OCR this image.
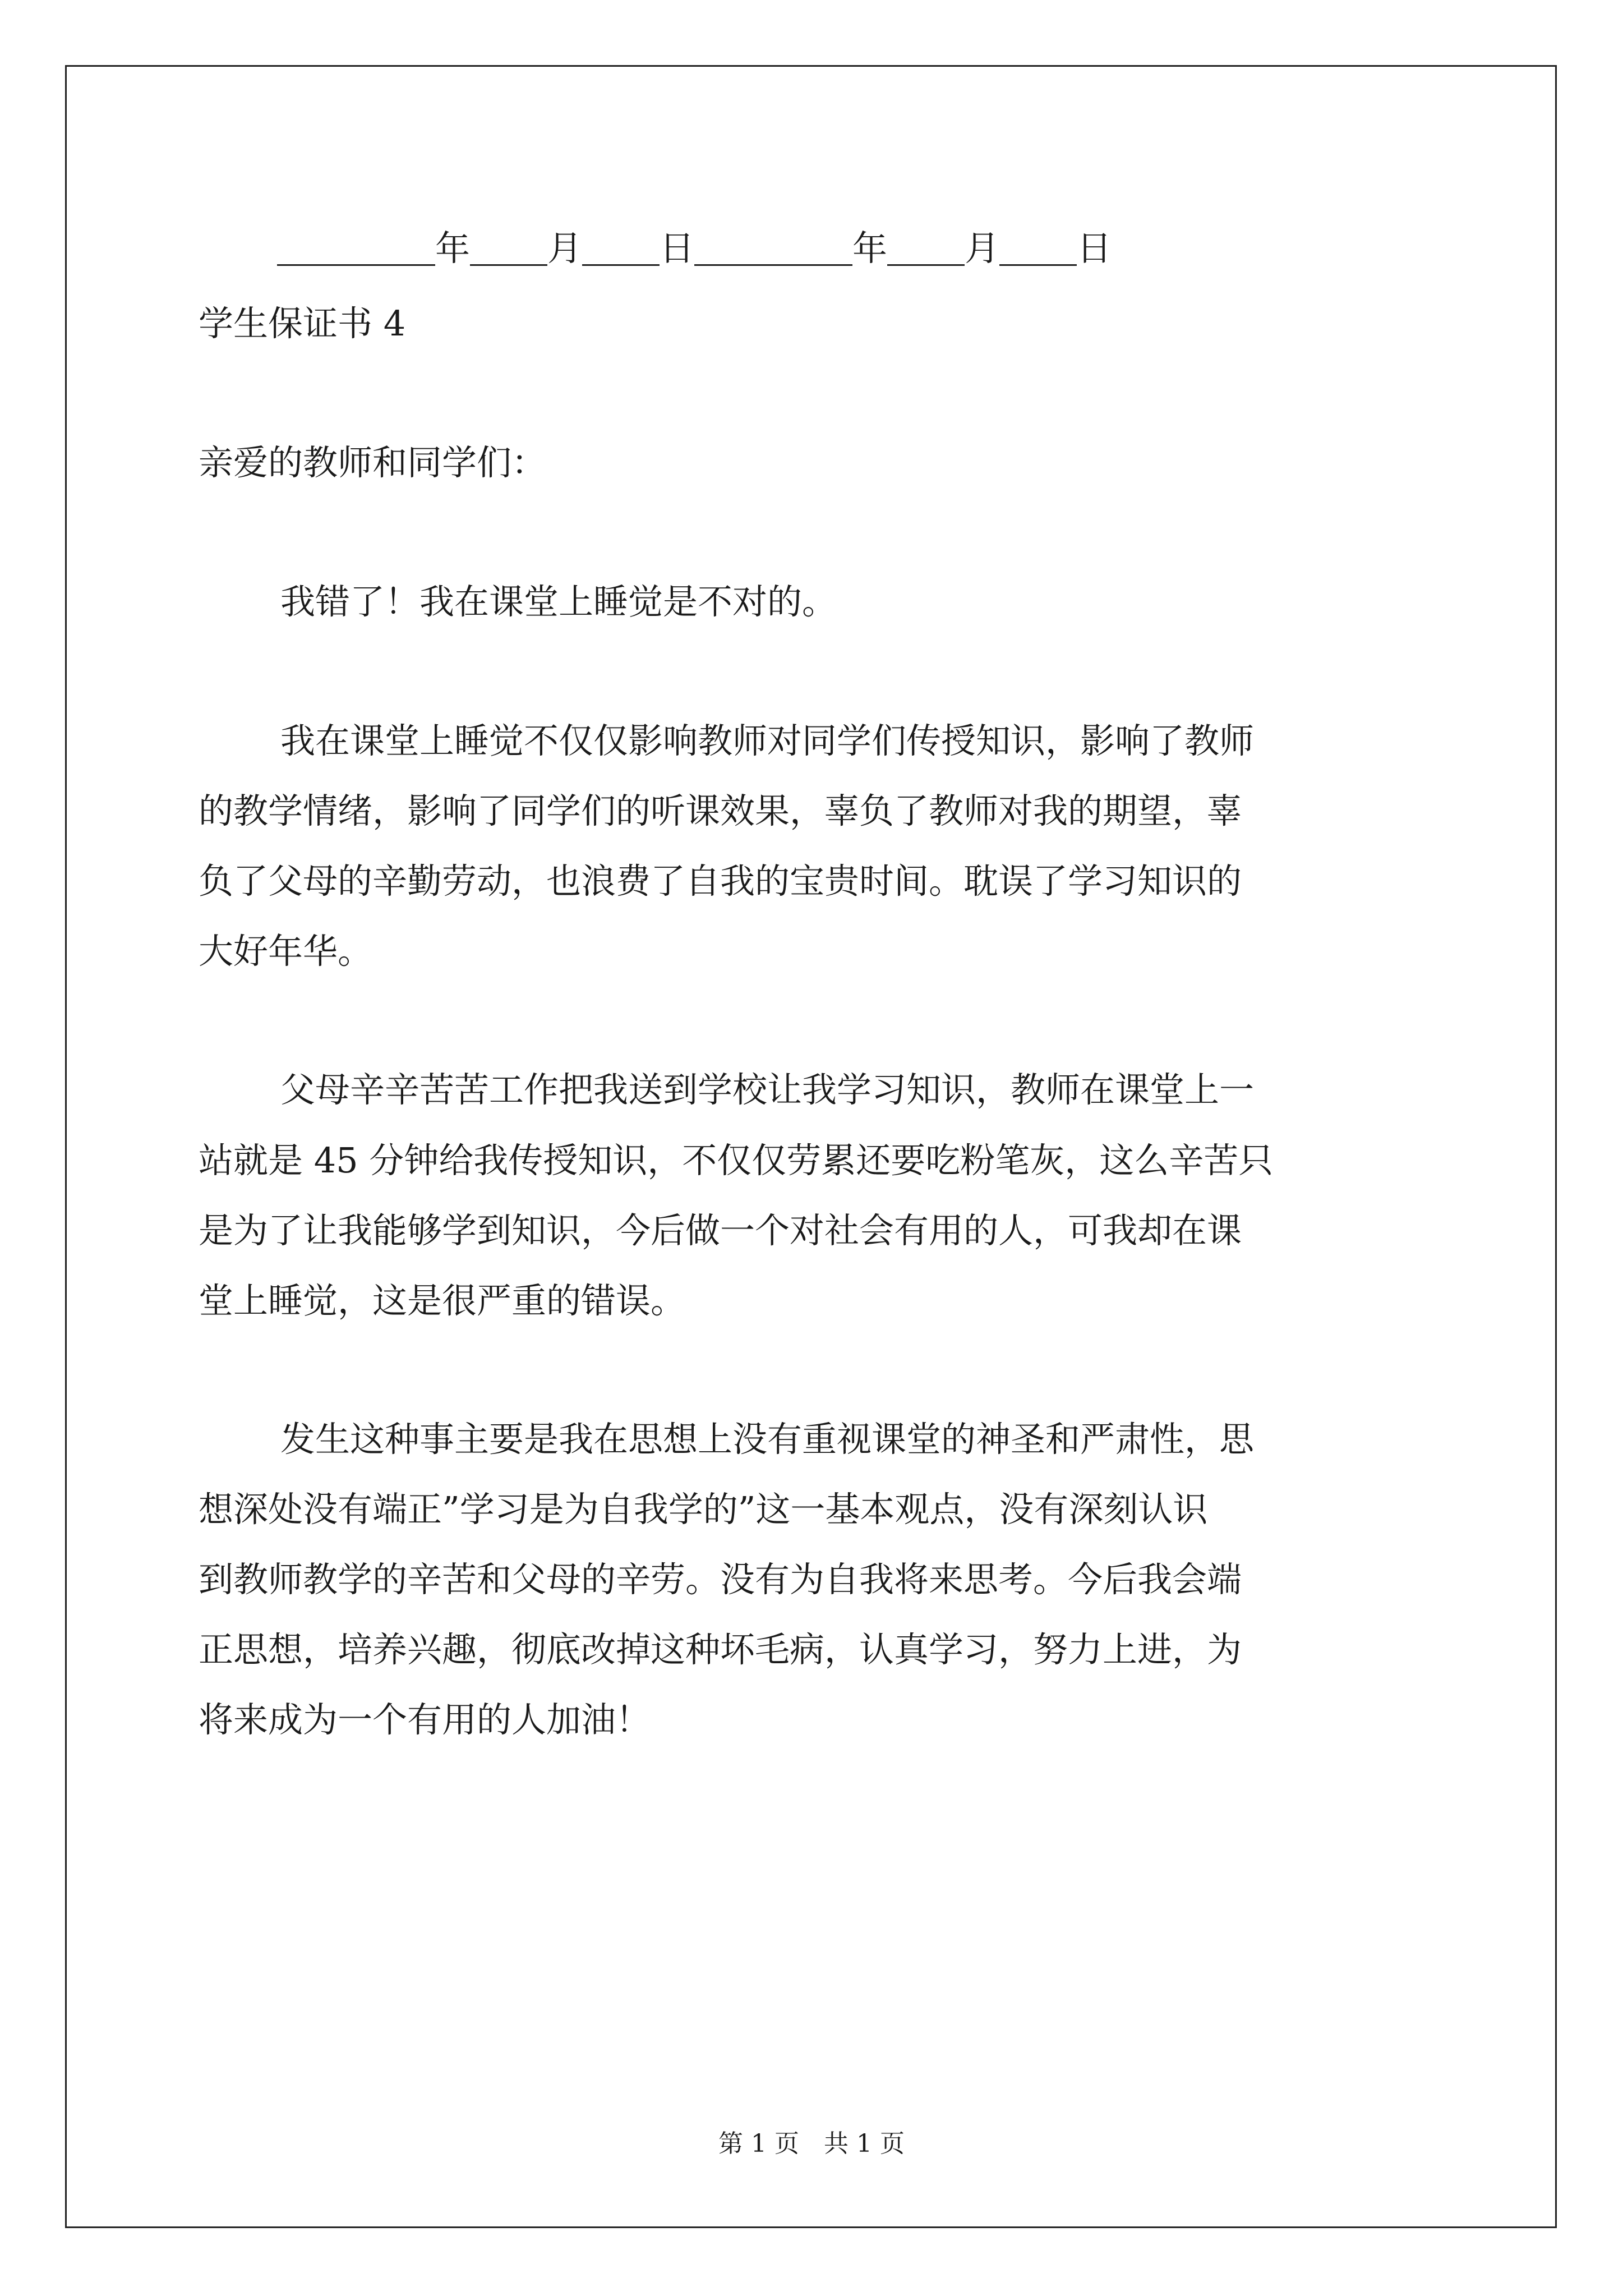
年 月 日	年 月 日
学生保证书 4
亲爱的教师和同学们：
我错了！我在课堂上睡觉是不对的。
我在课堂上睡觉不仅仅影响教师对同学们传授知识，影响了教师
的教学情绪，影响了同学们的听课效果，辜负了教师对我的期望，辜
负了父母的辛勤劳动，也浪费了自我的宝贵时间。耽误了学习知识的
大好年华。
父母辛辛苦苦工作把我送到学校让我学习知识，教师在课堂上一
站就是 45 分钟给我传授知识，不仅仅劳累还要吃粉笔灰，这么辛苦只
是为了让我能够学到知识，今后做一个对社会有用的人，可我却在课
堂上睡觉，这是很严重的错误。
发生这种事主要是我在思想上没有重视课堂的神圣和严肃性，思
想深处没有端正”学习是为自我学的”这一基本观点，没有深刻认识
到教师教学的辛苦和父母的辛劳。没有为自我将来思考。今后我会端
正思想，培养兴趣，彻底改掉这种坏毛病，认真学习，努力上进，为
将来成为一个有用的人加油！
第 1 页　共 1 页
